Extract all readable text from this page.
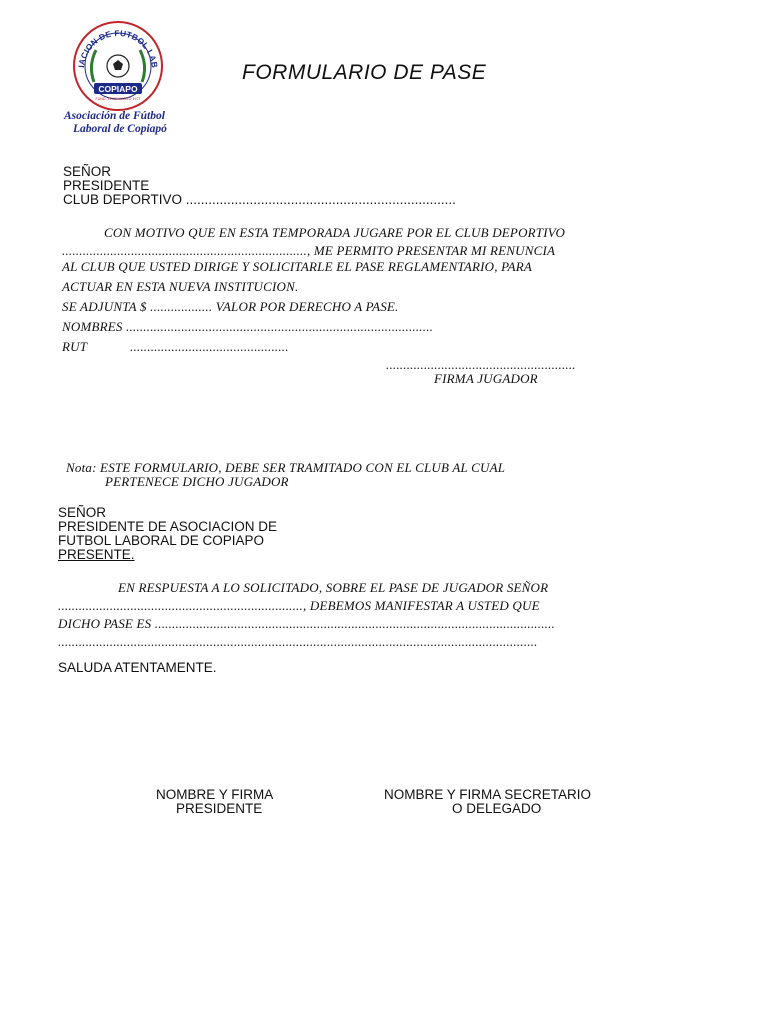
IACION DE FUTBOL LAB
COPIAPO
FUND. 17 DE MARZO 1977
Asociación de Fútbol
Laboral de Copiapó
FORMULARIO DE PASE
SEÑOR
PRESIDENTE
CLUB DEPORTIVO ........................................................................
CON MOTIVO QUE EN ESTA TEMPORADA JUGARE POR EL CLUB DEPORTIVO
......................................................................., ME PERMITO PRESENTAR MI RENUNCIA
AL CLUB QUE USTED DIRIGE Y SOLICITARLE EL PASE REGLAMENTARIO, PARA
ACTUAR EN ESTA NUEVA INSTITUCION.
SE ADJUNTA $ .................. VALOR POR DERECHO A PASE.
NOMBRES .........................................................................................
RUT	..............................................
.......................................................
FIRMA JUGADOR
Nota: ESTE FORMULARIO, DEBE SER TRAMITADO CON EL CLUB AL CUAL
PERTENECE DICHO JUGADOR
SEÑOR
PRESIDENTE DE ASOCIACION DE
FUTBOL LABORAL DE COPIAPO
PRESENTE.
EN RESPUESTA A LO SOLICITADO, SOBRE EL PASE DE JUGADOR SEÑOR
......................................................................., DEBEMOS MANIFESTAR A USTED QUE
DICHO PASE ES ....................................................................................................................
...........................................................................................................................................
SALUDA ATENTAMENTE.
NOMBRE Y FIRMA
PRESIDENTE
NOMBRE Y FIRMA SECRETARIO
O DELEGADO
